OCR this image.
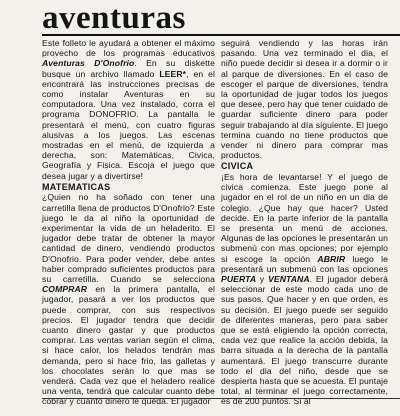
aventuras

Este folleto le ayudará a obtener el máximo provecho de los programas educativos Aventuras D'Onofrio. En su diskette busque un archivo llamado LEER*, en el encontrará las instrucciones precisas de como instalar Aventuras en su computadora. Una vez instalado, corra el programa DONOFRIO. La pantalla le presentará el menú, con cuatro figuras alusivas a los juegos. Las escenas mostradas en el menú, de izquierda a derecha, son: Matemáticas, Civica, Geografía y Fisica. Escoja el juego que desea jugar y a divertirse!

MATEMATICAS

¿Quien no ha soñado con tener una carretilla llena de productos D'Onofrio? Este juego le da al niño la oportunidad de experimentar la vida de un heladerito. El jugador debe tratar de obtener la mayor cantidad de dinero, vendiendo productos D'Onofrio. Para poder vender, debe antes haber comprado suficientes productos para su carretilla. Cuando se selecciona COMPRAR en la primera pantalla, el jugador, pasará a ver los productos que puede comprar, con sus respectivos precios. El jugador tendra que decidir cuanto dinero gastar y que productos comprar. Las ventas varian según el clima, si hace calor, los helados tendrán mas demanda, pero si hace frio, las galletas y los chocolates serán lo que mas se venderá. Cada vez que el heladero realice una venta, tendrá que calcular cuanto debe cobrar y cuanto dinero le queda. El jugador

seguirá vendiendo y las horas irán pasando. Una vez terminado el dia, el niño puede decidir si desea ir a dormir o ir al parque de diversiones. En el caso de escoger el parque de diversiones, tendra la oportunidad de jugar todos los juegos que desee, pero hay que tener cuidado de guardar suficiente dinero para poder seguir trabajando al día siguiente. El juego termina cuando no tiene productos que vender ni dinero para comprar mas productos.

CIVICA

¡Es hora de levantarse! Y el juego de civica comienza. Este juego pone al jugador en el rol de un niño en un dia de colegio. ¿Que hay que hacer? Usted decide. En la parte inferior de la pantalla se presenta un menú de acciones. Algunas de las opciones le presentarán un submenú con mas opciones; por ejemplo si escoge la opción ABRIR luego le presentará un submenú con las opciones PUERTA y VENTANA. El jugador deberá seleccionar de este modo cada uno de sus pasos. Que hacer y en que orden, es su decisión. El juego puede ser seguido de diferentes maneras, pero para saber que se está eligiendo la opción correcta, cada vez que realice la acción debida, la barra situada a la derecha de la pantalla aumentará. El juego transcurre durante todo el dia del niño, desde que se despierta hasta que se acuesta. El puntaje total, al terminar el juego correctamente, es de 200 puntos. Si al
